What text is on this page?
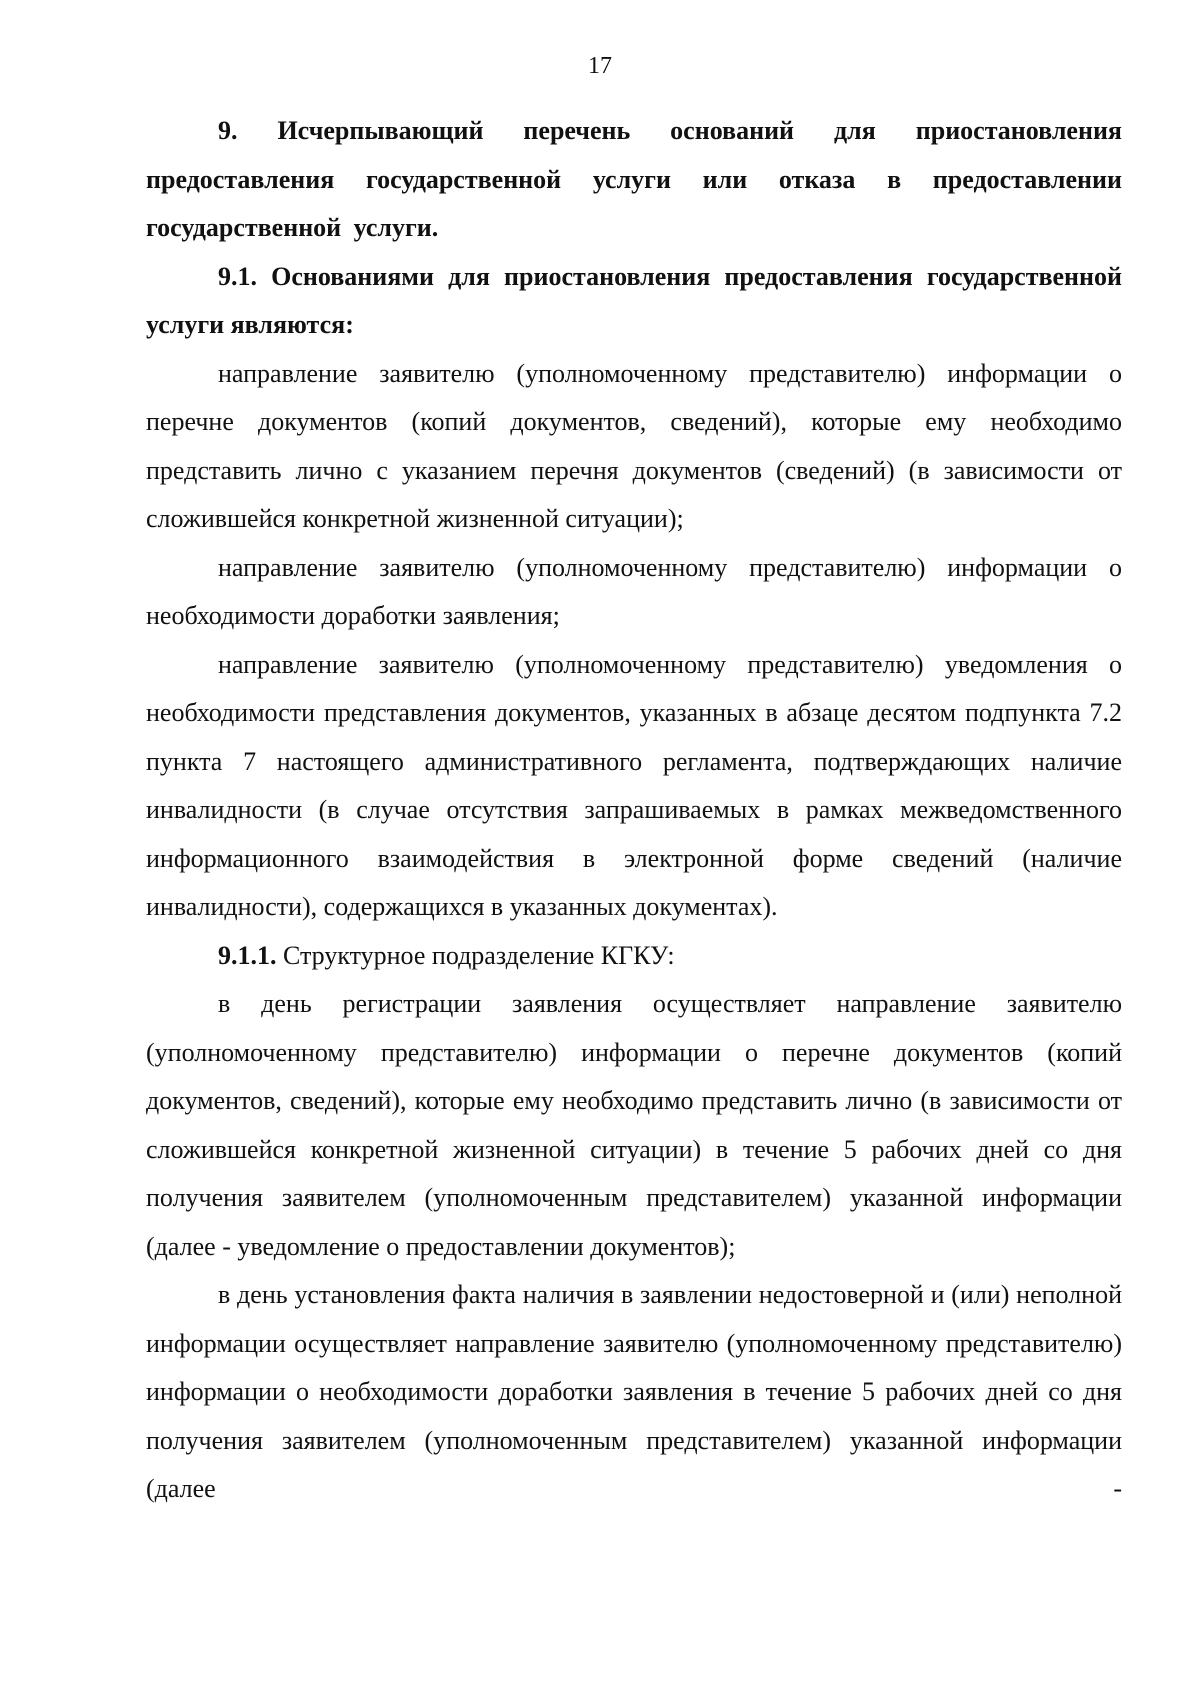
17

9. Исчерпывающий перечень оснований для приостановления предоставления государственной услуги или отказа в предоставлении государственной услуги.

9.1. Основаниями для приостановления предоставления государственной услуги являются:

направление заявителю (уполномоченному представителю) информации о перечне документов (копий документов, сведений), которые ему необходимо представить лично с указанием перечня документов (сведений) (в зависимости от сложившейся конкретной жизненной ситуации);

направление заявителю (уполномоченному представителю) информации о необходимости доработки заявления;

направление заявителю (уполномоченному представителю) уведомления о необходимости представления документов, указанных в абзаце десятом подпункта 7.2 пункта 7 настоящего административного регламента, подтверждающих наличие инвалидности (в случае отсутствия запрашиваемых в рамках межведомственного информационного взаимодействия в электронной форме сведений (наличие инвалидности), содержащихся в указанных документах).

9.1.1. Структурное подразделение КГКУ:

в день регистрации заявления осуществляет направление заявителю (уполномоченному представителю) информации о перечне документов (копий документов, сведений), которые ему необходимо представить лично (в зависимости от сложившейся конкретной жизненной ситуации) в течение 5 рабочих дней со дня получения заявителем (уполномоченным представителем) указанной информации (далее - уведомление о предоставлении документов);

в день установления факта наличия в заявлении недостоверной и (или) неполной информации осуществляет направление заявителю (уполномоченному представителю) информации о необходимости доработки заявления в течение 5 рабочих дней со дня получения заявителем (уполномоченным представителем) указанной информации (далее -
